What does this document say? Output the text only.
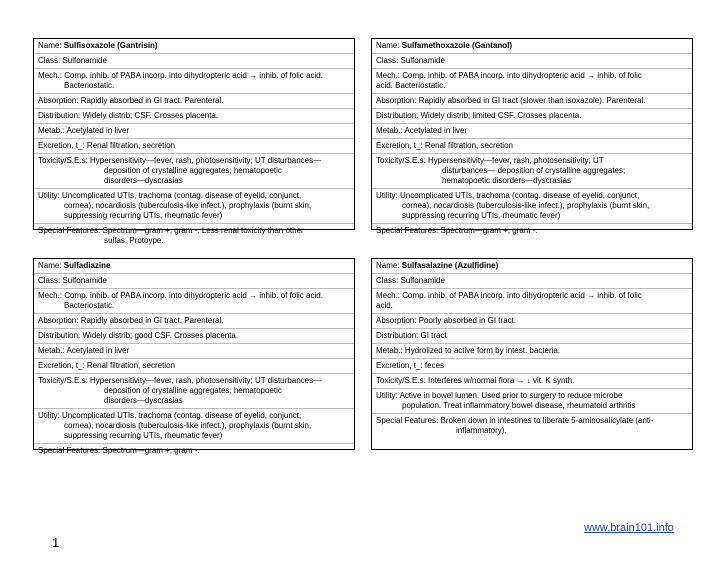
Name: Sulfisoxazole (Gantrisin)
Class: Sulfonamide
Mech.: Comp. inhib. of PABA incorp. into dihydropteric acid → inhib. of folic acid.
Bacteriostatic.
Absorption: Rapidly absorbed in GI tract. Parenteral.
Distribution: Widely distrib; CSF. Crosses placenta.
Metab.: Acetylated in liver
Excretion, t_: Renal filtration, secretion
Toxicity/S.E.s: Hypersensitivity—fever, rash, photosensitivity; UT disturbances—
deposition of crystalline aggregates; hematopoetic
disorders—dyscrasias
Utility: Uncomplicated UTIs, trachoma (contag. disease of eyelid, conjunct,
cornea), nocardiosis (tuberculosis-like infect.), prophylaxis (burnt skin,
suppressing recurring UTIs, rheumatic fever)
Special Features: Spectrum—gram +, gram -. Less renal toxicity than other
sulfas. Protoype.
Name: Sulfamethoxazole (Gantanol)
Class: Sulfonamide
Mech.: Comp. inhib. of PABA incorp. into dihydropteric acid → inhib. of folic
acid. Bacteriostatic.
Absorption: Rapidly absorbed in GI tract (slower than isoxazole). Parenteral.
Distribution: Widely distrib; limited CSF. Crosses placenta.
Metab.: Acetylated in liver
Excretion, t_: Renal filtration, secretion
Toxicity/S.E.s: Hypersensitivity—fever, rash, photosensitivity; UT
disturbances— deposition of crystalline aggregates;
hematopoetic disorders—dyscrasias
Utility: Uncomplicated UTIs, trachoma (contag. disease of eyelid, conjunct,
cornea), nocardiosis (tuberculosis-like infect.), prophylaxis (burnt skin,
suppressing recurring UTIs, rheumatic fever)
Special Features: Spectrum—gram +, gram -.
Name: Sulfadiazine
Class: Sulfonamide
Mech.: Comp. inhib. of PABA incorp. into dihydropteric acid → inhib. of folic acid.
Bacteriostatic.
Absorption: Rapidly absorbed in GI tract. Parenteral.
Distribution: Widely distrib; good CSF. Crosses placenta.
Metab.: Acetylated in liver
Excretion, t_: Renal filtration, secretion
Toxicity/S.E.s: Hypersensitivity—fever, rash, photosensitivity; UT disturbances—
deposition of crystalline aggregates; hematopoetic
disorders—dyscrasias
Utility: Uncomplicated UTIs, trachoma (contag. disease of eyelid, conjunct,
cornea), nocardiosis (tuberculosis-like infect.), prophylaxis (burnt skin,
suppressing recurring UTIs, rheumatic fever)
Special Features: Spectrum—gram +, gram -.
Name: Sulfasalazine (Azulfidine)
Class: Sulfonamide
Mech.: Comp. inhib. of PABA incorp. into dihydropteric acid → inhib. of folic
acid.
Absorption: Poorly absorbed in GI tract.
Distribution: GI tract
Metab.: Hydrolized to active form by intest. bacteria.
Excretion, t_: feces
Toxicity/S.E.s: Interferes w/normal flora → ↓ vit. K synth.
Utility: Active in bowel lumen. Used prior to surgery to reduce microbe
population. Treat inflammatory bowel disease, rheumatoid arthritis
Special Features: Broken down in intestines to liberate 5-aminosalicylate (anti-
inflammatory).
1
www.brain101.info
